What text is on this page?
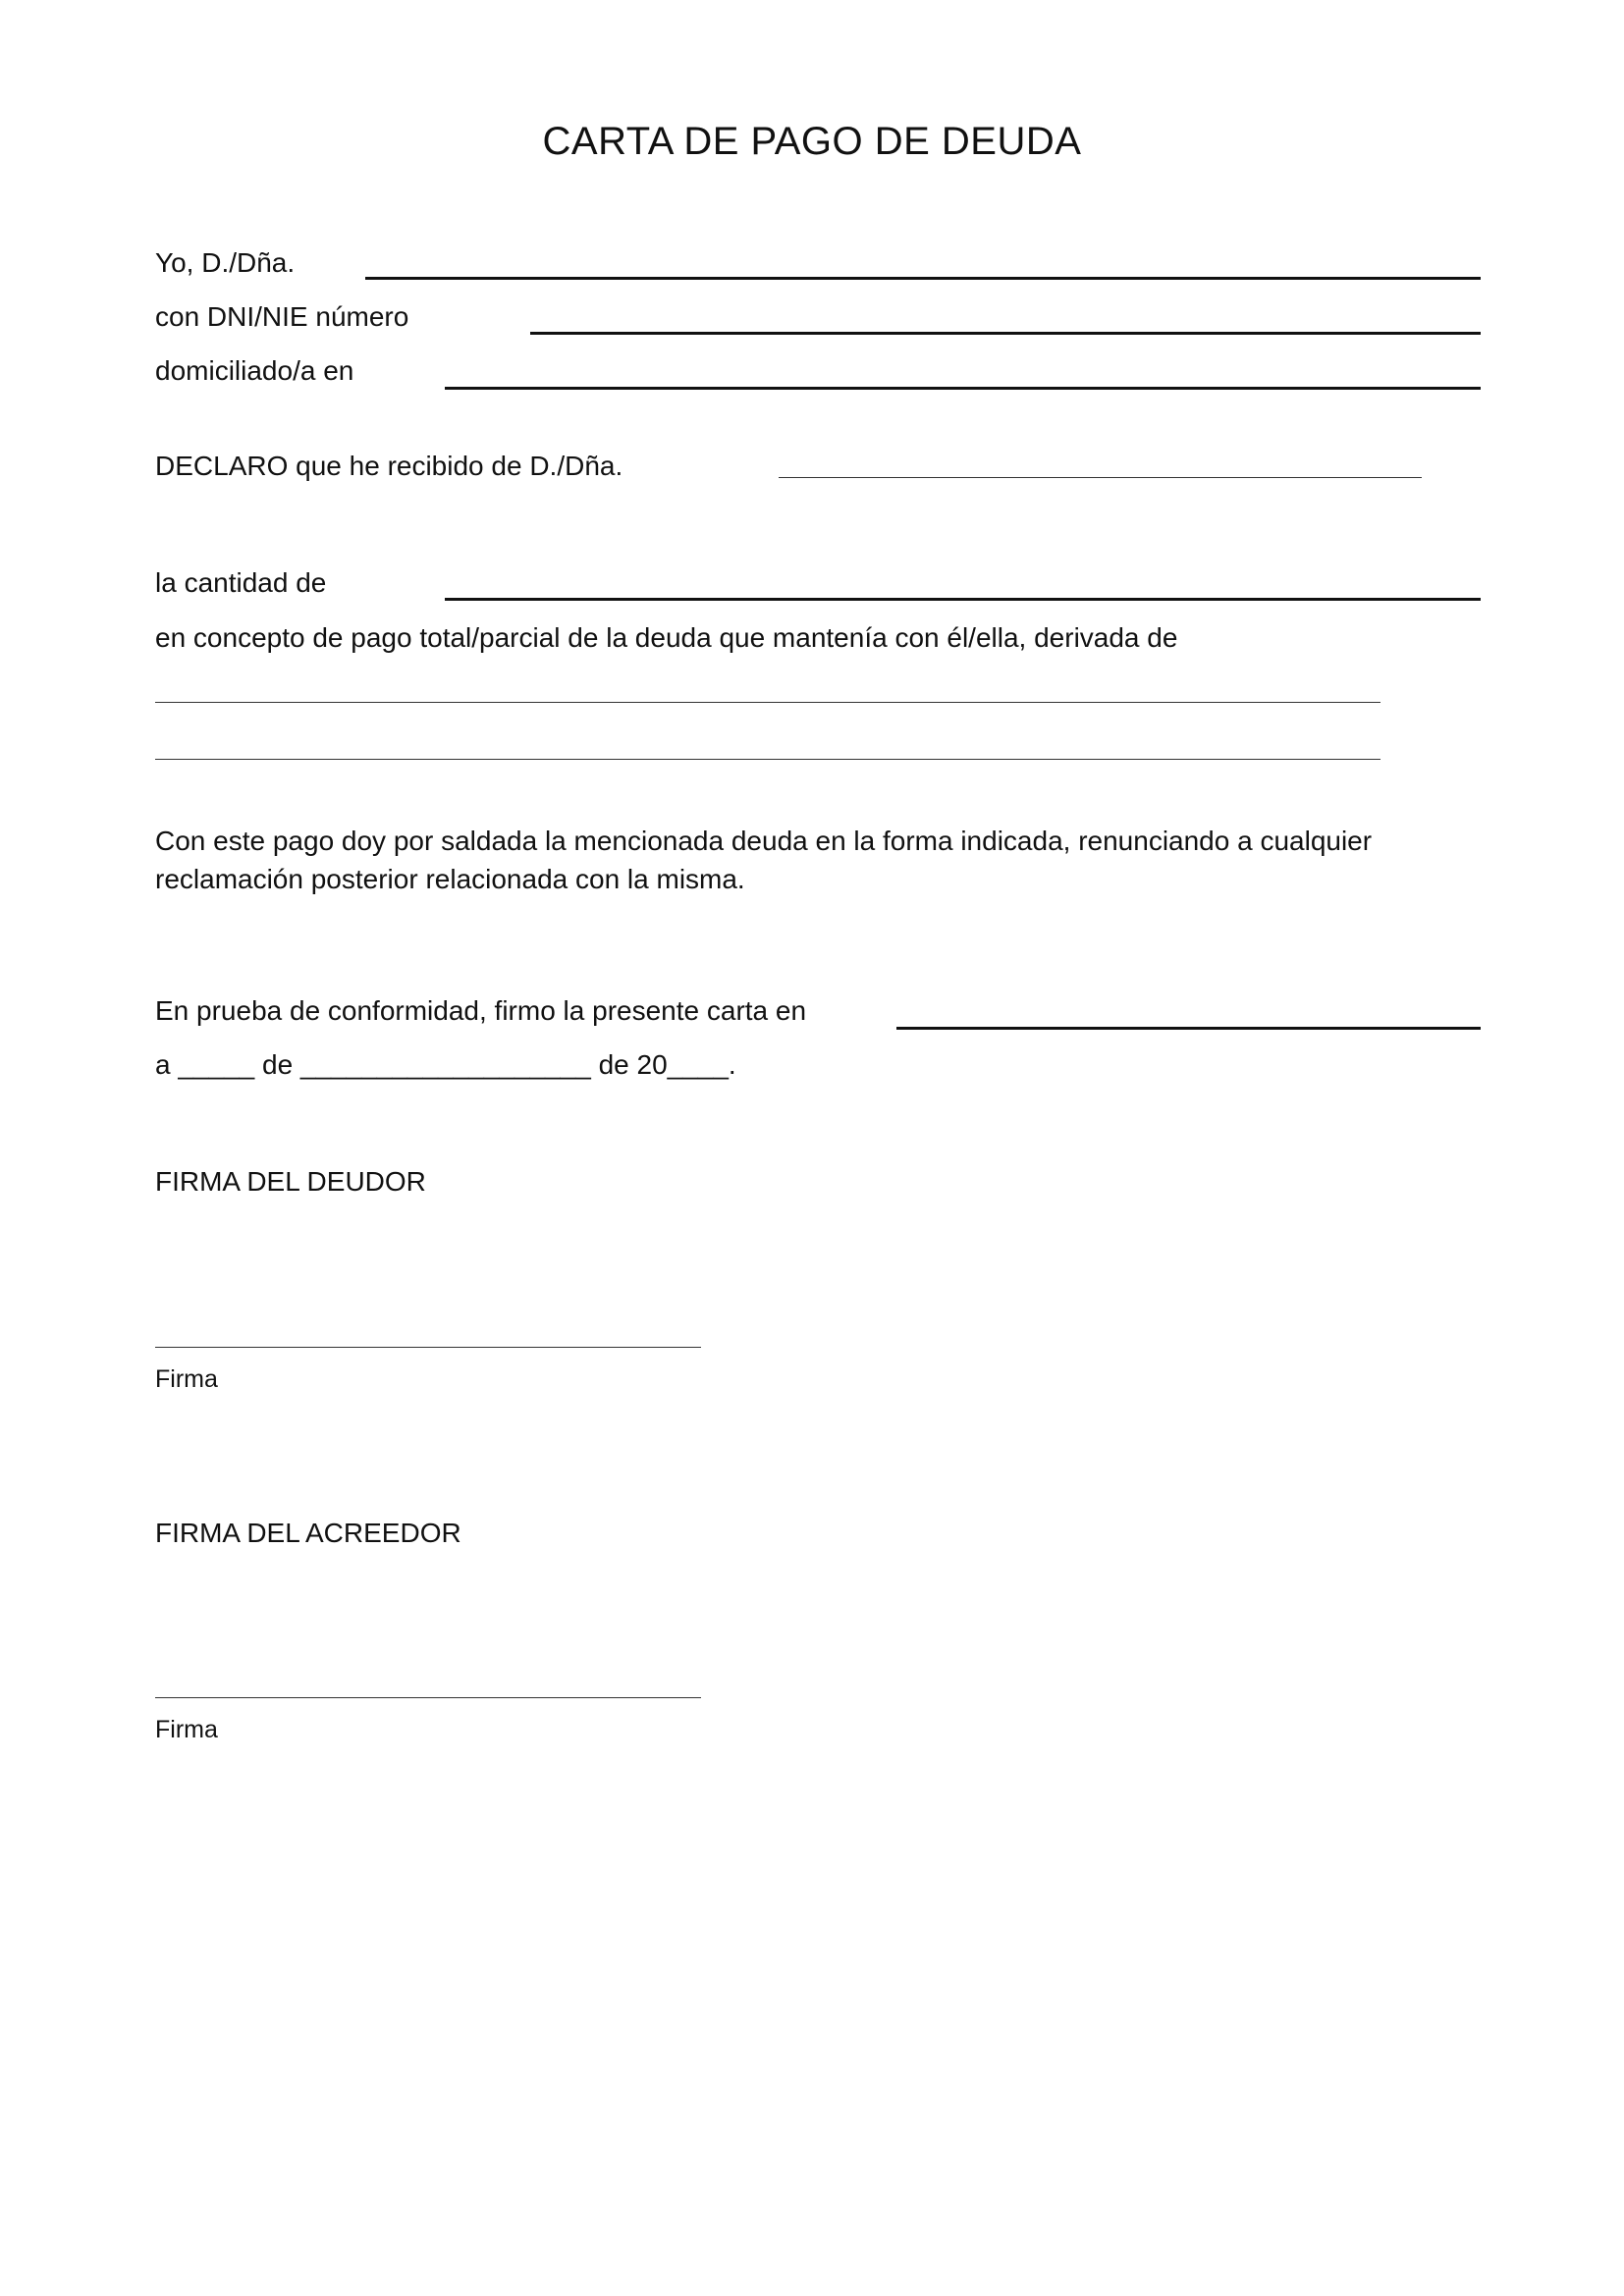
CARTA DE PAGO DE DEUDA
Yo, D./Dña.
con DNI/NIE número
domiciliado/a en
DECLARO que he recibido de D./Dña.
la cantidad de
en concepto de pago total/parcial de la deuda que mantenía con él/ella, derivada de
Con este pago doy por saldada la mencionada deuda en la forma indicada, renunciando a cualquier
reclamación posterior relacionada con la misma.
En prueba de conformidad, firmo la presente carta en
a _____ de ___________________ de 20____.
FIRMA DEL DEUDOR
Firma
FIRMA DEL ACREEDOR
Firma
